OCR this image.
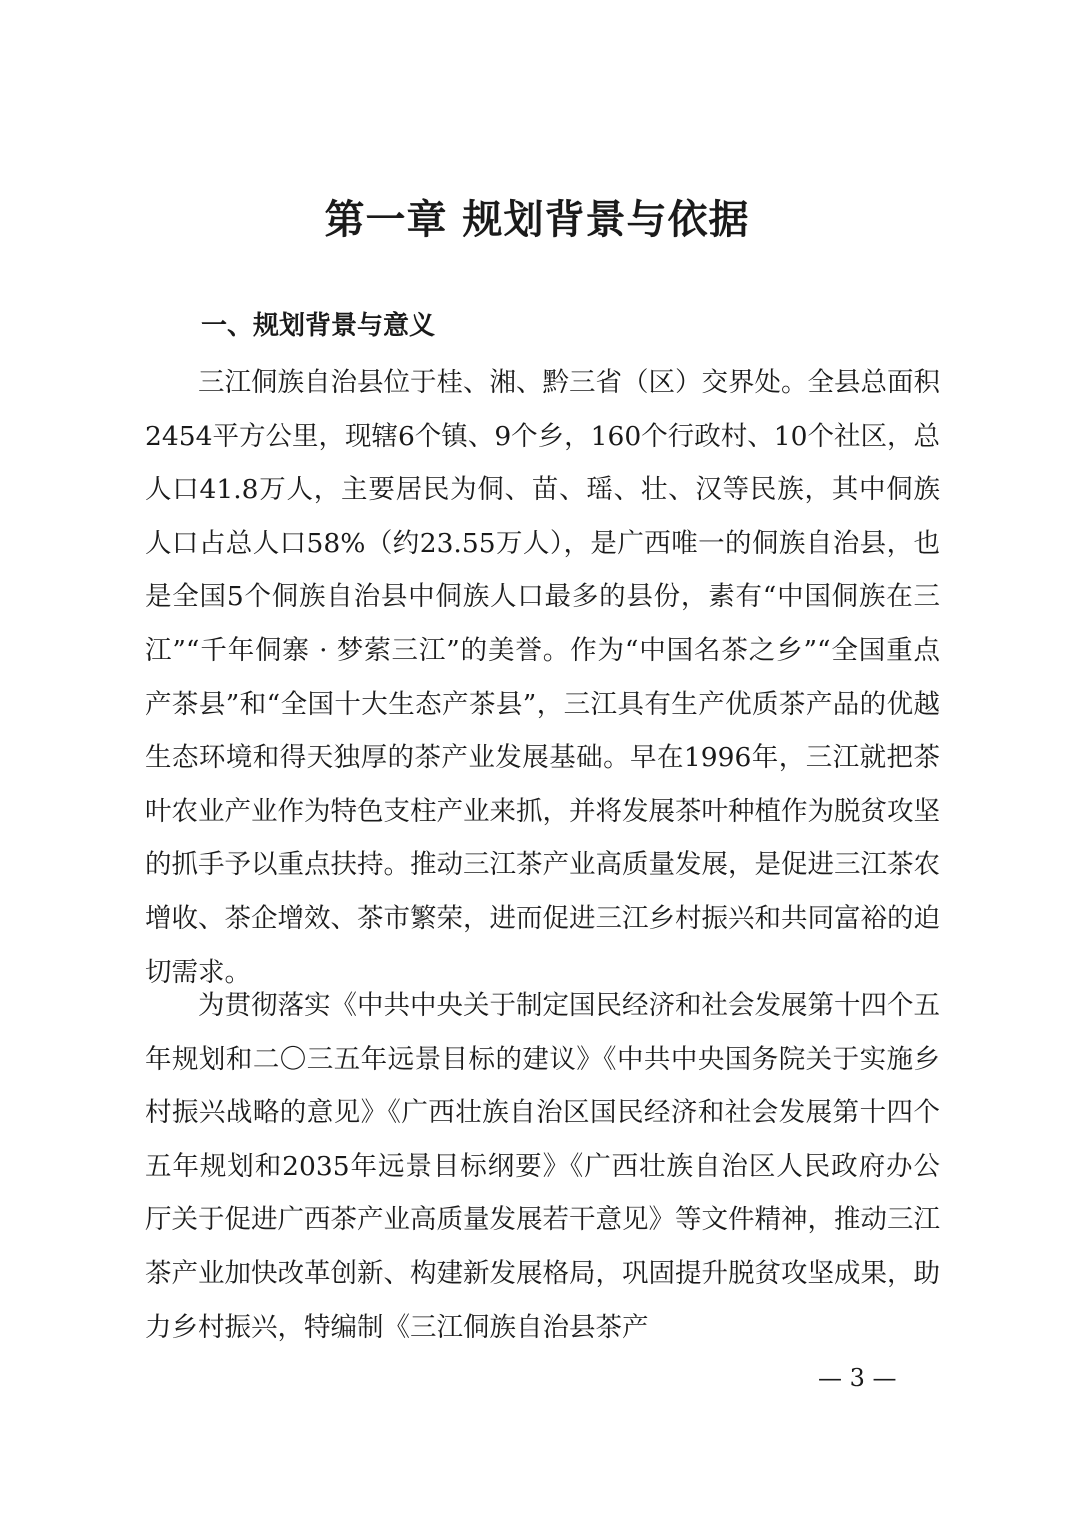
第一章 规划背景与依据
一、规划背景与意义

三江侗族自治县位于桂、湘、黔三省（区）交界处。全县总面积2454平方公里，现辖6个镇、9个乡，160个行政村、10个社区，总人口41.8万人，主要居民为侗、苗、瑶、壮、汉等民族，其中侗族人口占总人口58%（约23.55万人），是广西唯一的侗族自治县，也是全国5个侗族自治县中侗族人口最多的县份，素有“中国侗族在三江”“千年侗寨 · 梦萦三江”的美誉。作为“中国名茶之乡”“全国重点产茶县”和“全国十大生态产茶县”，三江具有生产优质茶产品的优越生态环境和得天独厚的茶产业发展基础。早在1996年，三江就把茶叶农业产业作为特色支柱产业来抓，并将发展茶叶种植作为脱贫攻坚的抓手予以重点扶持。推动三江茶产业高质量发展，是促进三江茶农增收、茶企增效、茶市繁荣，进而促进三江乡村振兴和共同富裕的迫切需求。

为贯彻落实《中共中央关于制定国民经济和社会发展第十四个五年规划和二〇三五年远景目标的建议》《中共中央国务院关于实施乡村振兴战略的意见》《广西壮族自治区国民经济和社会发展第十四个五年规划和2035年远景目标纲要》《广西壮族自治区人民政府办公厅关于促进广西茶产业高质量发展若干意见》等文件精神，推动三江茶产业加快改革创新、构建新发展格局，巩固提升脱贫攻坚成果，助力乡村振兴，特编制《三江侗族自治县茶产

— 3 —
